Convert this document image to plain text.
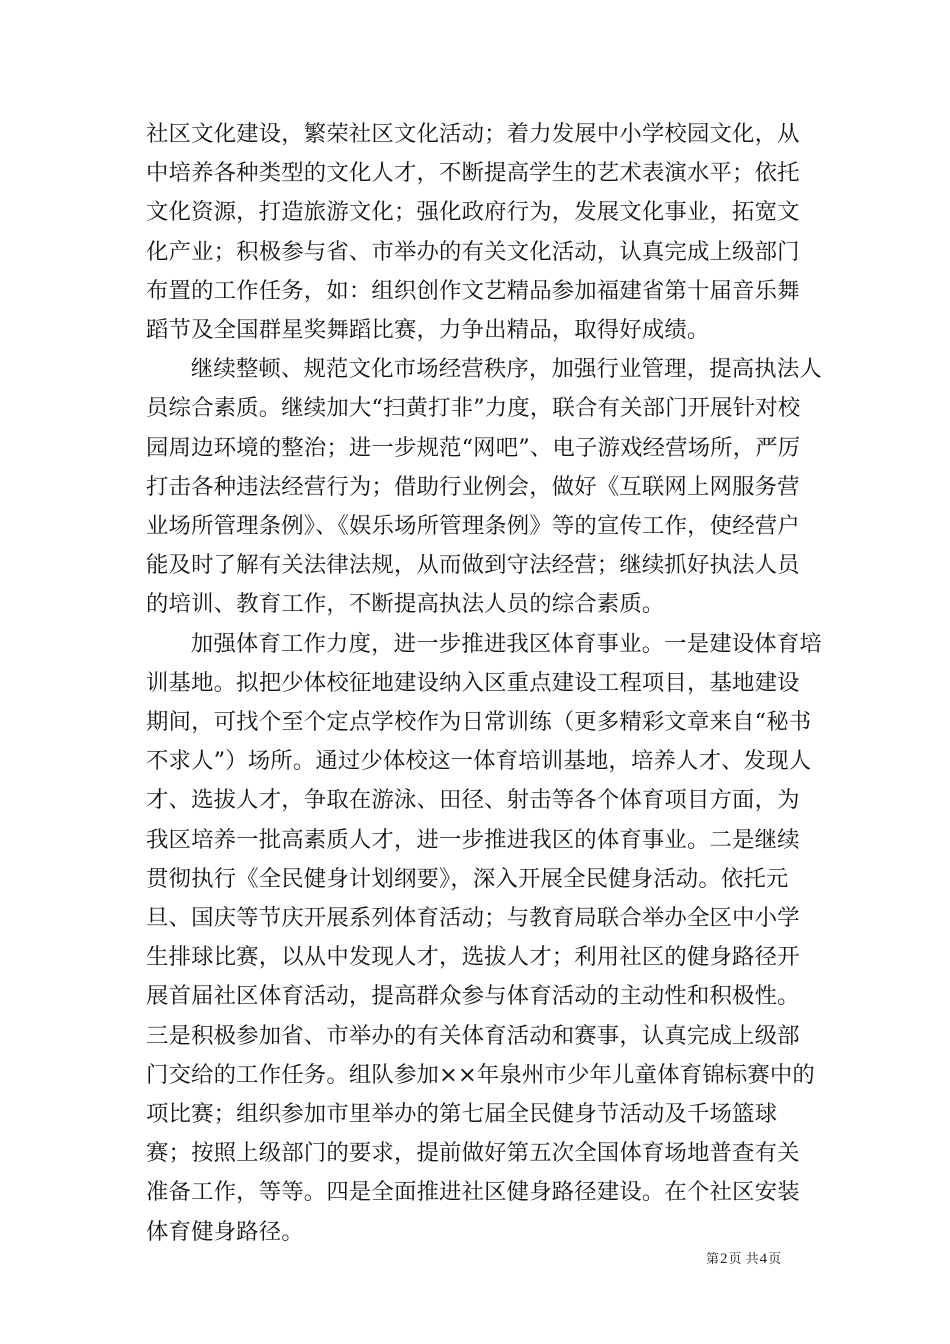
社区文化建设，繁荣社区文化活动；着力发展中小学校园文化，从中培养各种类型的文化人才，不断提高学生的艺术表演水平；依托文化资源，打造旅游文化；强化政府行为，发展文化事业，拓宽文化产业；积极参与省、市举办的有关文化活动，认真完成上级部门布置的工作任务，如：组织创作文艺精品参加福建省第十届音乐舞蹈节及全国群星奖舞蹈比赛，力争出精品，取得好成绩。

继续整顿、规范文化市场经营秩序，加强行业管理，提高执法人员综合素质。继续加大“扫黄打非”力度，联合有关部门开展针对校园周边环境的整治；进一步规范“网吧”、电子游戏经营场所，严厉打击各种违法经营行为；借助行业例会，做好《互联网上网服务营业场所管理条例》、《娱乐场所管理条例》等的宣传工作，使经营户能及时了解有关法律法规，从而做到守法经营；继续抓好执法人员的培训、教育工作，不断提高执法人员的综合素质。

加强体育工作力度，进一步推进我区体育事业。一是建设体育培训基地。拟把少体校征地建设纳入区重点建设工程项目，基地建设期间，可找个至个定点学校作为日常训练（更多精彩文章来自“秘书不求人”）场所。通过少体校这一体育培训基地，培养人才、发现人才、选拔人才，争取在游泳、田径、射击等各个体育项目方面，为我区培养一批高素质人才，进一步推进我区的体育事业。二是继续贯彻执行《全民健身计划纲要》，深入开展全民健身活动。依托元旦、国庆等节庆开展系列体育活动；与教育局联合举办全区中小学生排球比赛，以从中发现人才，选拔人才；利用社区的健身路径开展首届社区体育活动，提高群众参与体育活动的主动性和积极性。三是积极参加省、市举办的有关体育活动和赛事，认真完成上级部门交给的工作任务。组队参加××年泉州市少年儿童体育锦标赛中的项比赛；组织参加市里举办的第七届全民健身节活动及千场篮球赛；按照上级部门的要求，提前做好第五次全国体育场地普查有关准备工作，等等。四是全面推进社区健身路径建设。在个社区安装体育健身路径。

第2页 共4页
